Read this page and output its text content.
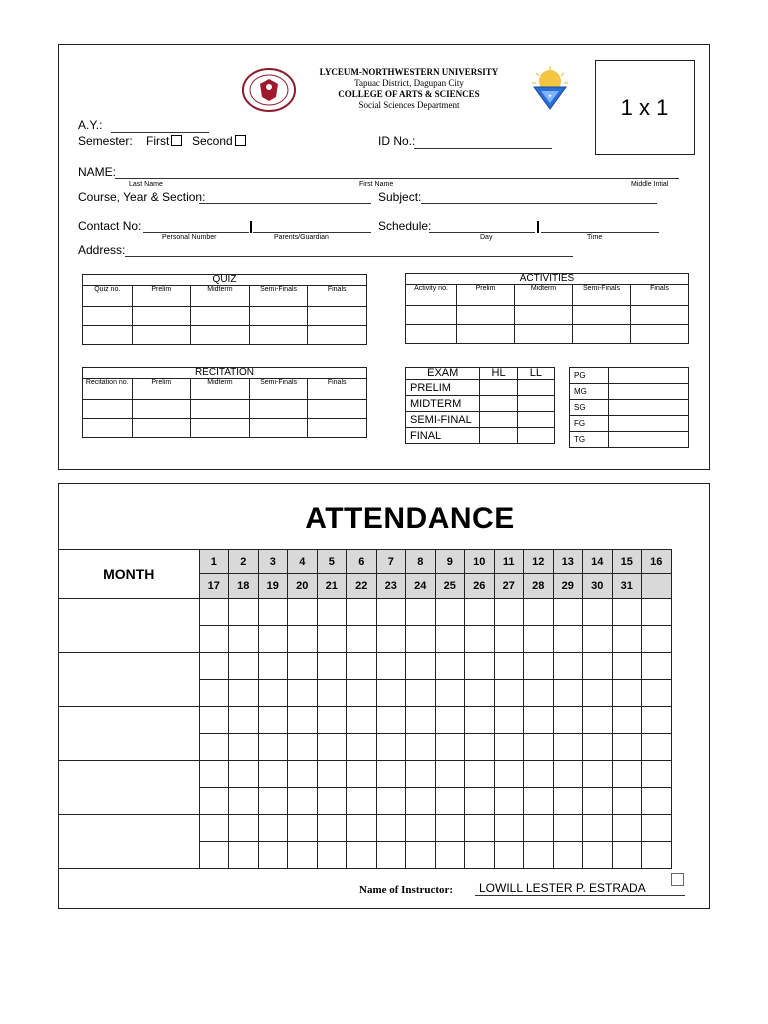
LYCEUM-NORTHWESTERN UNIVERSITY
Tapuac District, Dagupan City
COLLEGE OF ARTS & SCIENCES
Social Sciences Department
✦	1 x 1
A.Y.:
Semester: First	Second	ID No.:
NAME:
Last Name	First Name	Middle Intial
Course, Year & Section:	Subject:
Contact No:
Personal Number	Parents/Guardian
Schedule:
Day	Time
Address:
QUIZ				
Quiz no.	Prelim	Midterm	Semi-Finals	Finals

ACTIVITIES				
Activity no.	Prelim	Midterm	Semi-Finals	Finals

RECITATION				
Recitation no.	Prelim	Midterm	Semi-Finals	Finals

EXAM	HL	LL
PRELIM		
MIDTERM		
SEMI-FINAL		
FINAL		
PG	
MG	
SG	
FG	
TG	
ATTENDANCE
MONTH	1	2	3	4	5	6	7	8	9	10	11	12	13	14	15	16
	17	18	19	20	21	22	23	24	25	26	27	28	29	30	31	

Name of Instructor: LOWILL LESTER P. ESTRADA
